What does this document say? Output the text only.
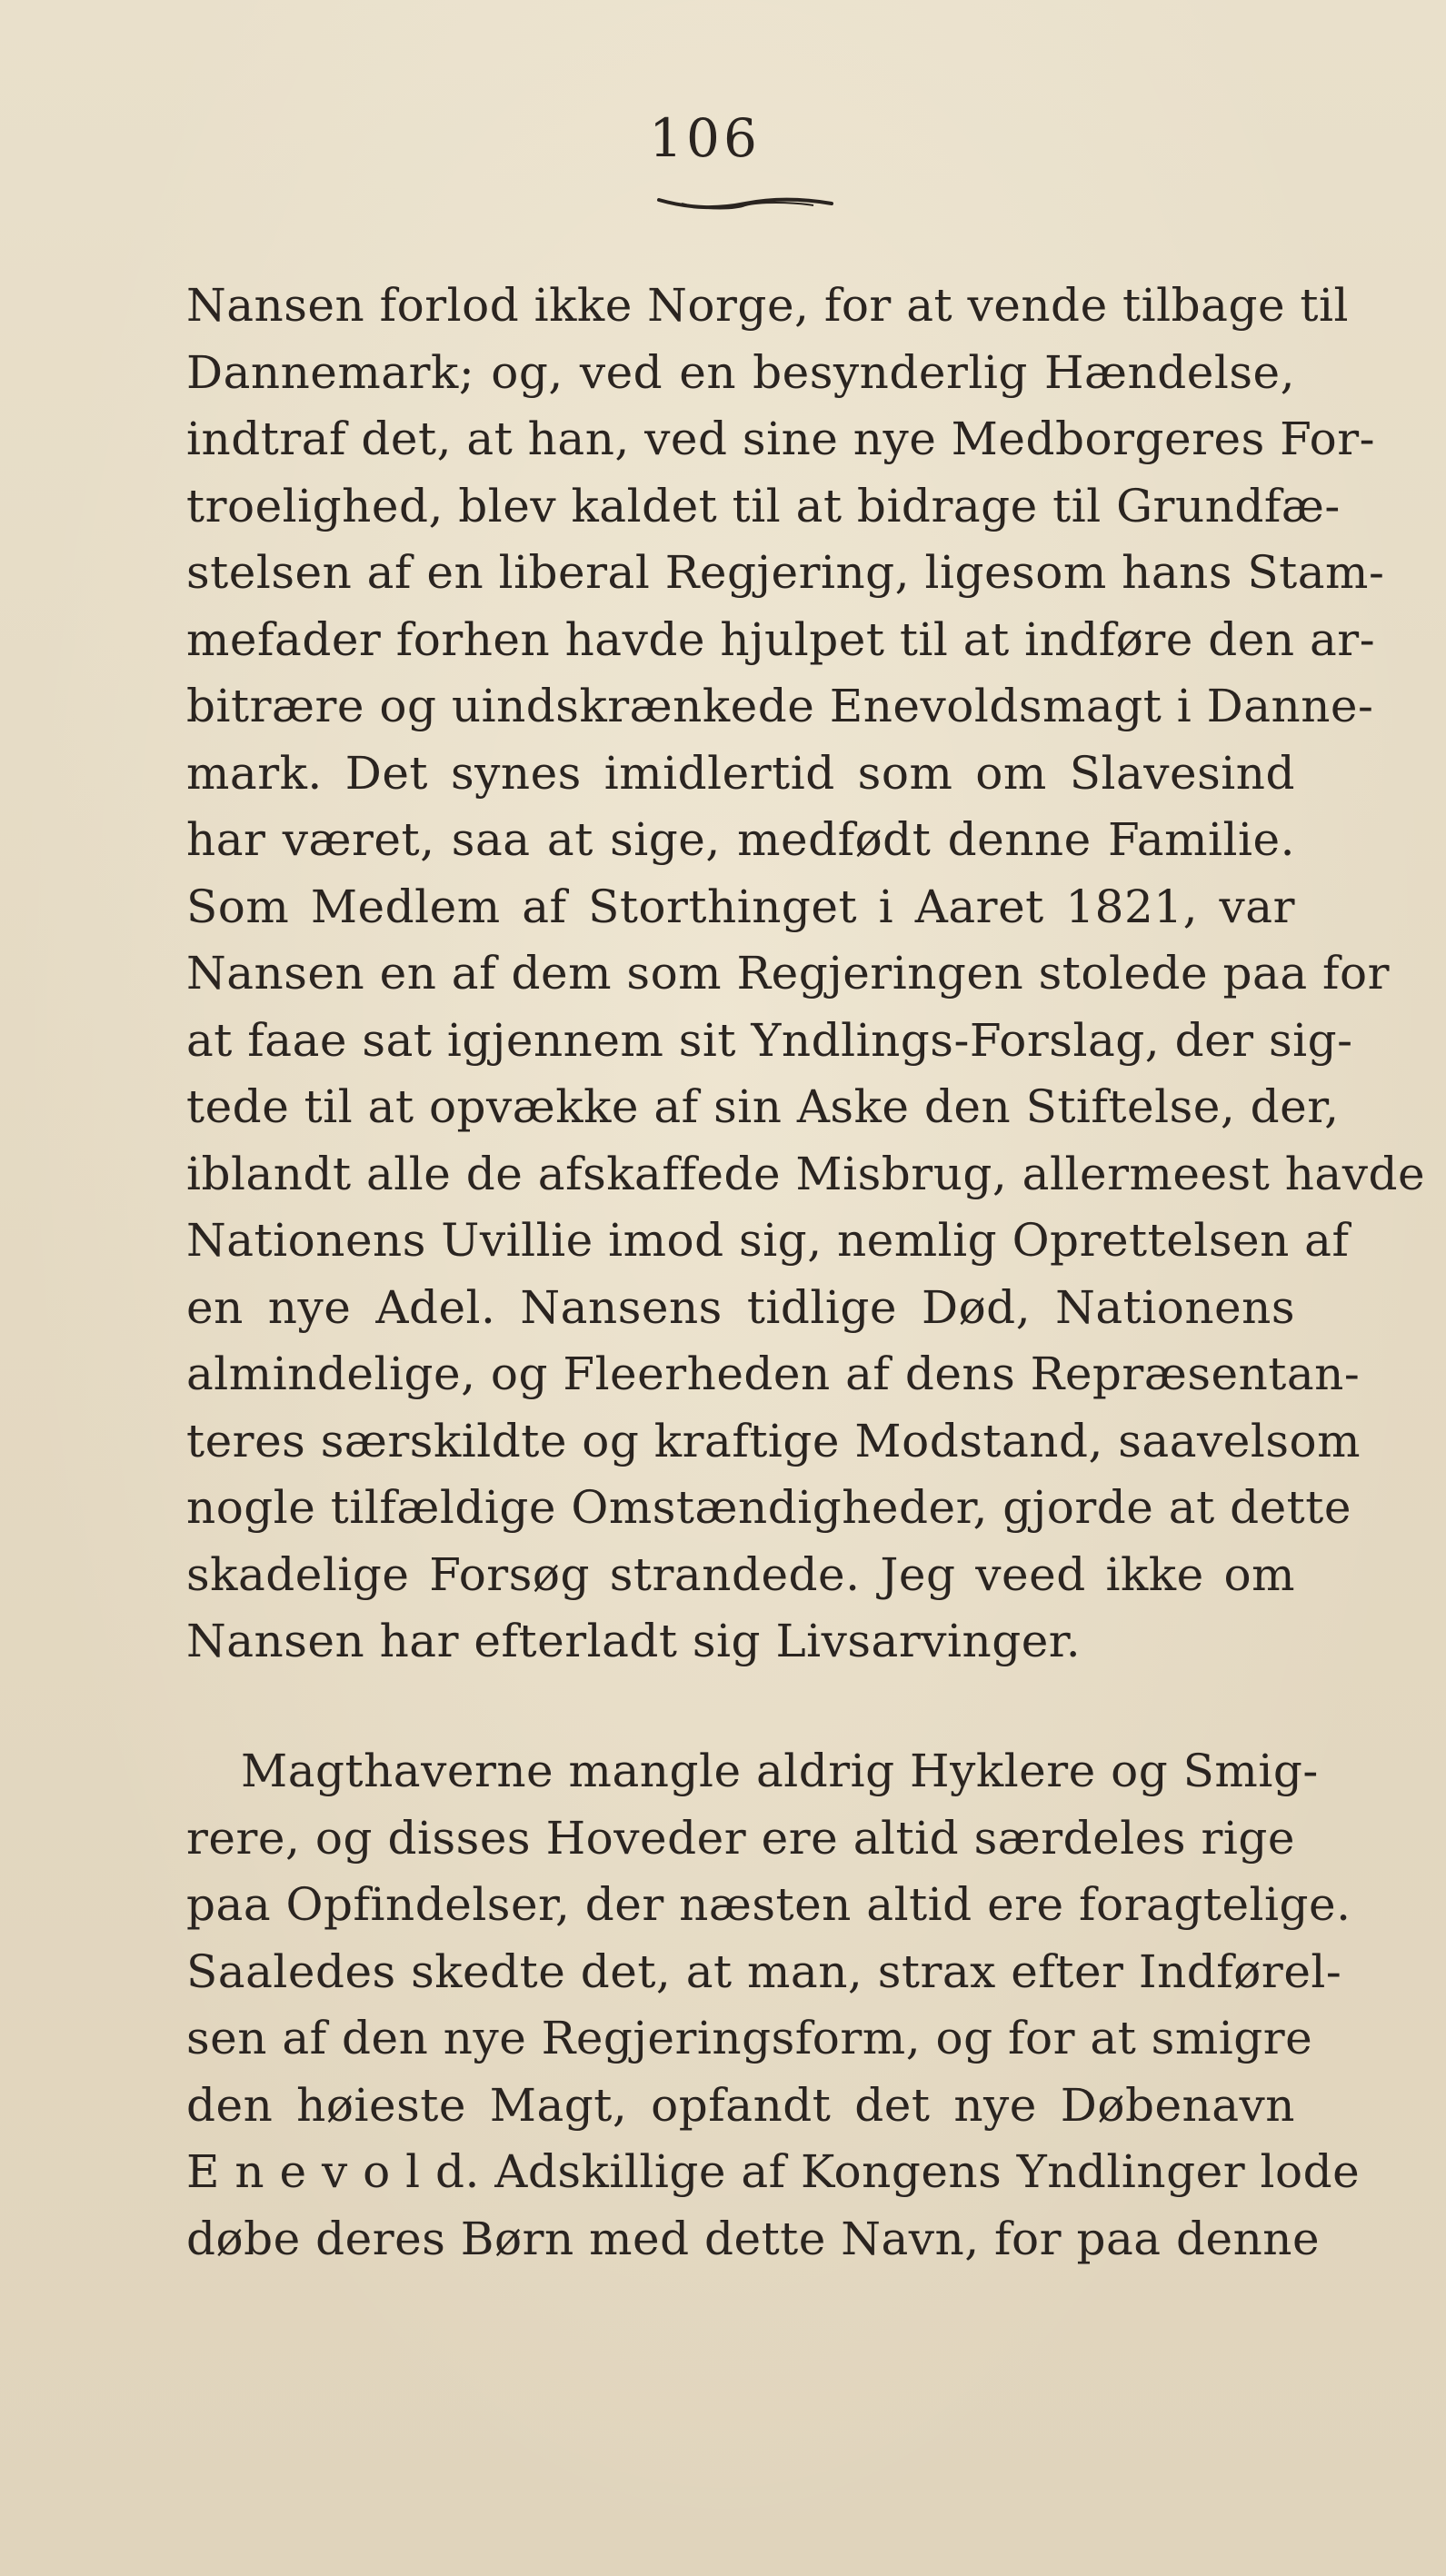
106

Nansen forlod ikke Norge, for at vende tilbage til
Dannemark; og, ved en besynderlig Hændelse,
indtraf det, at han, ved sine nye Medborgeres For-
troelighed, blev kaldet til at bidrage til Grundfæ-
stelsen af en liberal Regjering, ligesom hans Stam-
mefader forhen havde hjulpet til at indføre den ar-
bitrære og uindskrænkede Enevoldsmagt i Danne-
mark. Det synes imidlertid som om Slavesind
har været, saa at sige, medfødt denne Familie.
Som Medlem af Storthinget i Aaret 1821, var
Nansen en af dem som Regjeringen stolede paa for
at faae sat igjennem sit Yndlings-Forslag, der sig-
tede til at opvække af sin Aske den Stiftelse, der,
iblandt alle de afskaffede Misbrug, allermeest havde
Nationens Uvillie imod sig, nemlig Oprettelsen af
en nye Adel. Nansens tidlige Død, Nationens
almindelige, og Fleerheden af dens Repræsentan-
teres særskildte og kraftige Modstand, saavelsom
nogle tilfældige Omstændigheder, gjorde at dette
skadelige Forsøg strandede. Jeg veed ikke om
Nansen har efterladt sig Livsarvinger.

Magthaverne mangle aldrig Hyklere og Smig-
rere, og disses Hoveder ere altid særdeles rige
paa Opfindelser, der næsten altid ere foragtelige.
Saaledes skedte det, at man, strax efter Indførel-
sen af den nye Regjeringsform, og for at smigre
den høieste Magt, opfandt det nye Døbenavn
E n e v o l d. Adskillige af Kongens Yndlinger lode
døbe deres Børn med dette Navn, for paa denne
